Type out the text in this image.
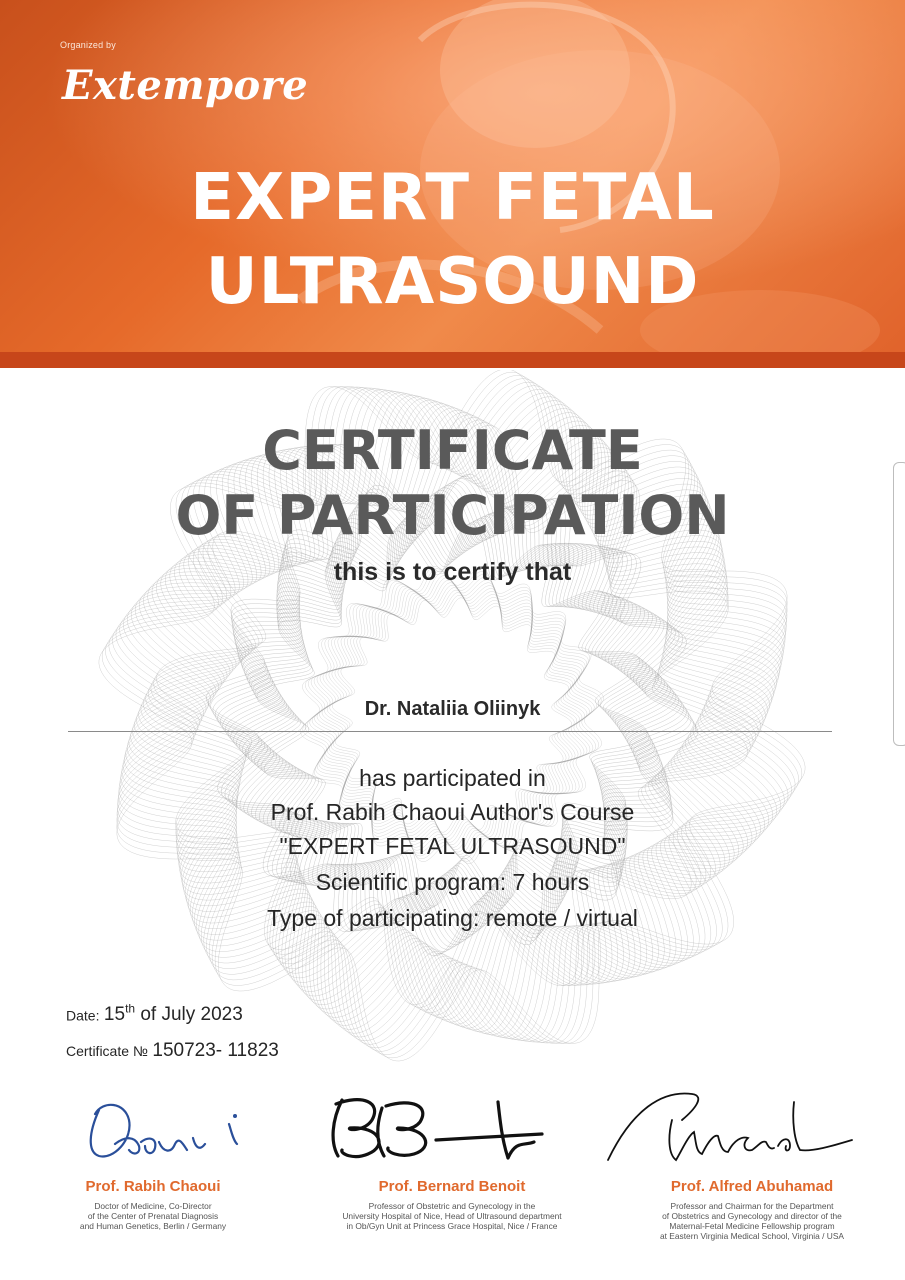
Organized by
Extempore
EXPERT FETAL
ULTRASOUND
CERTIFICATE
OF PARTICIPATION
this is to certify that
Dr. Nataliia Oliinyk
has participated in
Prof. Rabih Chaoui Author's Course
"EXPERT FETAL ULTRASOUND"
Scientific program: 7 hours
Type of participating: remote / virtual
Date: 15th of July 2023
Certificate № 150723- 11823
Prof. Rabih Chaoui
Doctor of Medicine, Co-Director
of the Center of Prenatal Diagnosis
and Human Genetics, Berlin / Germany
Prof. Bernard Benoit
Professor of Obstetric and Gynecology in the
University Hospital of Nice, Head of Ultrasound department
in Ob/Gyn Unit at Princess Grace Hospital, Nice / France
Prof. Alfred Abuhamad
Professor and Chairman for the Department
of Obstetrics and Gynecology and director of the
Maternal-Fetal Medicine Fellowship program
at Eastern Virginia Medical School, Virginia / USA
